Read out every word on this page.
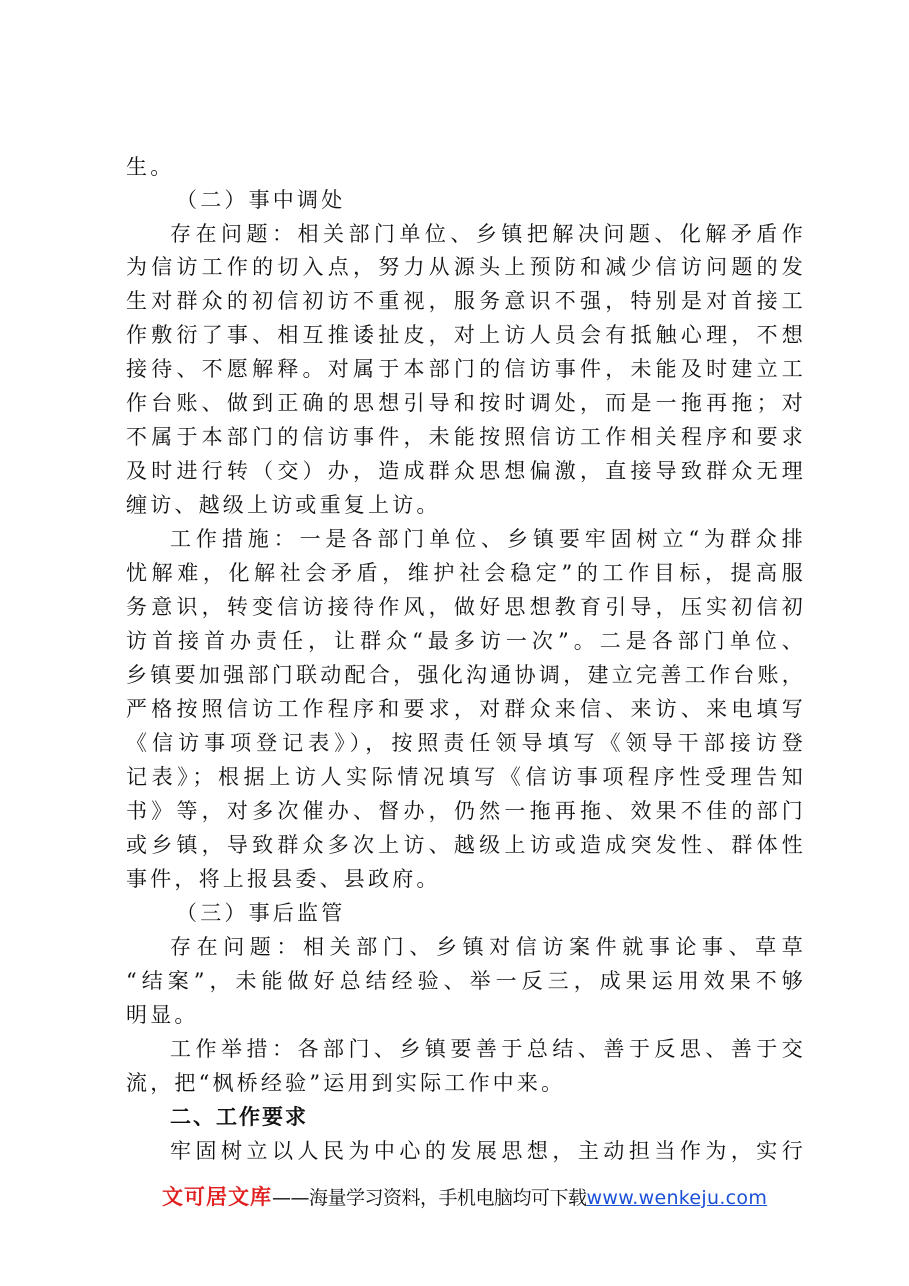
生。
（二）事中调处
存在问题：相关部门单位、乡镇把解决问题、化解矛盾作
为信访工作的切入点，努力从源头上预防和减少信访问题的发
生对群众的初信初访不重视，服务意识不强，特别是对首接工
作敷衍了事、相互推诿扯皮，对上访人员会有抵触心理，不想
接待、不愿解释。对属于本部门的信访事件，未能及时建立工
作台账、做到正确的思想引导和按时调处，而是一拖再拖；对
不属于本部门的信访事件，未能按照信访工作相关程序和要求
及时进行转（交）办，造成群众思想偏激，直接导致群众无理
缠访、越级上访或重复上访。
工作措施：一是各部门单位、乡镇要牢固树立“为群众排
忧解难，化解社会矛盾，维护社会稳定”的工作目标，提高服
务意识，转变信访接待作风，做好思想教育引导，压实初信初
访首接首办责任，让群众“最多访一次”。二是各部门单位、
乡镇要加强部门联动配合，强化沟通协调，建立完善工作台账，
严格按照信访工作程序和要求，对群众来信、来访、来电填写
《信访事项登记表》），按照责任领导填写《领导干部接访登
记表》；根据上访人实际情况填写《信访事项程序性受理告知
书》等，对多次催办、督办，仍然一拖再拖、效果不佳的部门
或乡镇，导致群众多次上访、越级上访或造成突发性、群体性
事件，将上报县委、县政府。
（三）事后监管
存在问题：相关部门、乡镇对信访案件就事论事、草草
“结案”，未能做好总结经验、举一反三，成果运用效果不够
明显。
工作举措：各部门、乡镇要善于总结、善于反思、善于交
流，把“枫桥经验”运用到实际工作中来。
二、工作要求
牢固树立以人民为中心的发展思想，主动担当作为，实行
文可居文库——海量学习资料，手机电脑均可下载www.wenkeju.com
